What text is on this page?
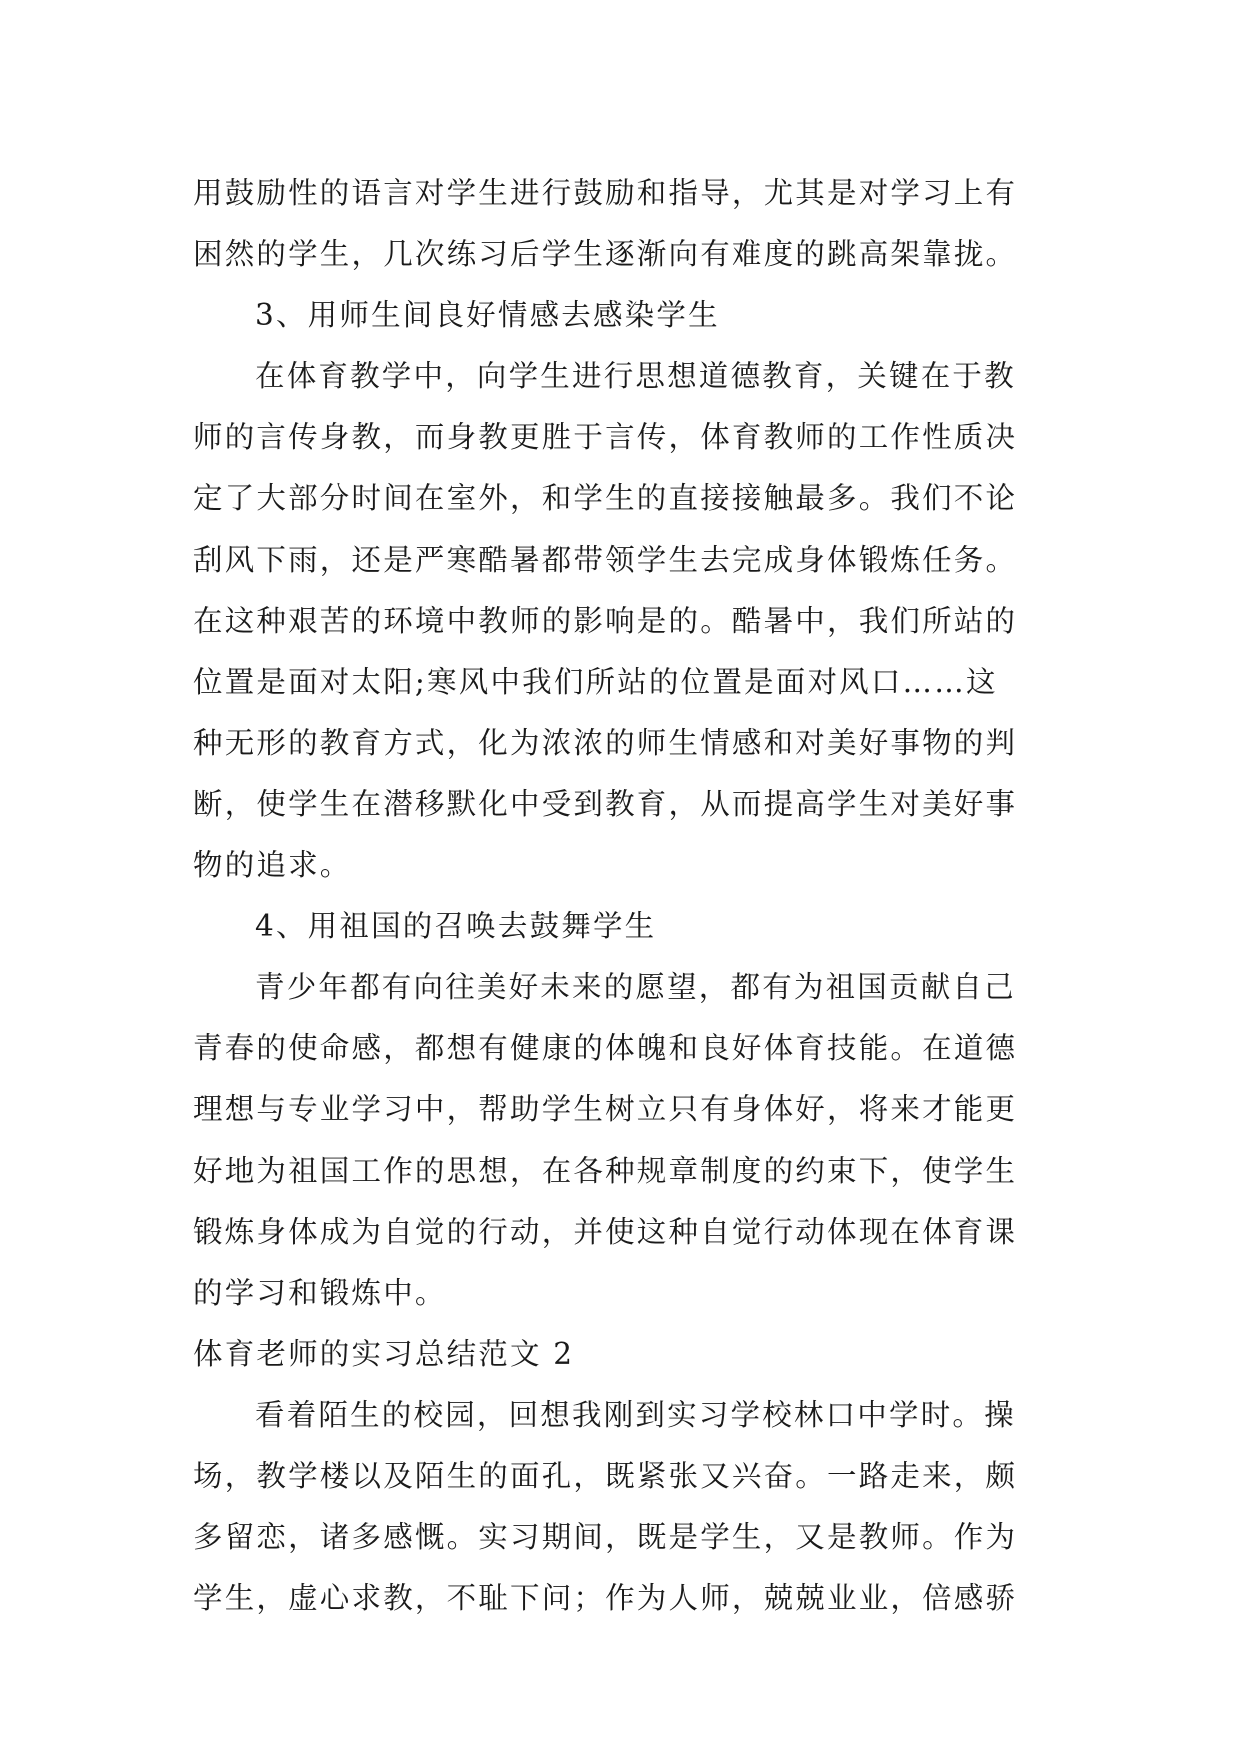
用鼓励性的语言对学生进行鼓励和指导，尤其是对学习上有
困然的学生，几次练习后学生逐渐向有难度的跳高架靠拢。
3、用师生间良好情感去感染学生
在体育教学中，向学生进行思想道德教育，关键在于教
师的言传身教，而身教更胜于言传，体育教师的工作性质决
定了大部分时间在室外，和学生的直接接触最多。我们不论
刮风下雨，还是严寒酷暑都带领学生去完成身体锻炼任务。
在这种艰苦的环境中教师的影响是的。酷暑中，我们所站的
位置是面对太阳;寒风中我们所站的位置是面对风口……这
种无形的教育方式，化为浓浓的师生情感和对美好事物的判
断，使学生在潜移默化中受到教育，从而提高学生对美好事
物的追求。
4、用祖国的召唤去鼓舞学生
青少年都有向往美好未来的愿望，都有为祖国贡献自己
青春的使命感，都想有健康的体魄和良好体育技能。在道德
理想与专业学习中，帮助学生树立只有身体好，将来才能更
好地为祖国工作的思想，在各种规章制度的约束下，使学生
锻炼身体成为自觉的行动，并使这种自觉行动体现在体育课
的学习和锻炼中。
体育老师的实习总结范文 2
看着陌生的校园，回想我刚到实习学校林口中学时。操
场，教学楼以及陌生的面孔，既紧张又兴奋。一路走来，颇
多留恋，诸多感慨。实习期间，既是学生，又是教师。作为
学生，虚心求教，不耻下问；作为人师，兢兢业业，倍感骄
